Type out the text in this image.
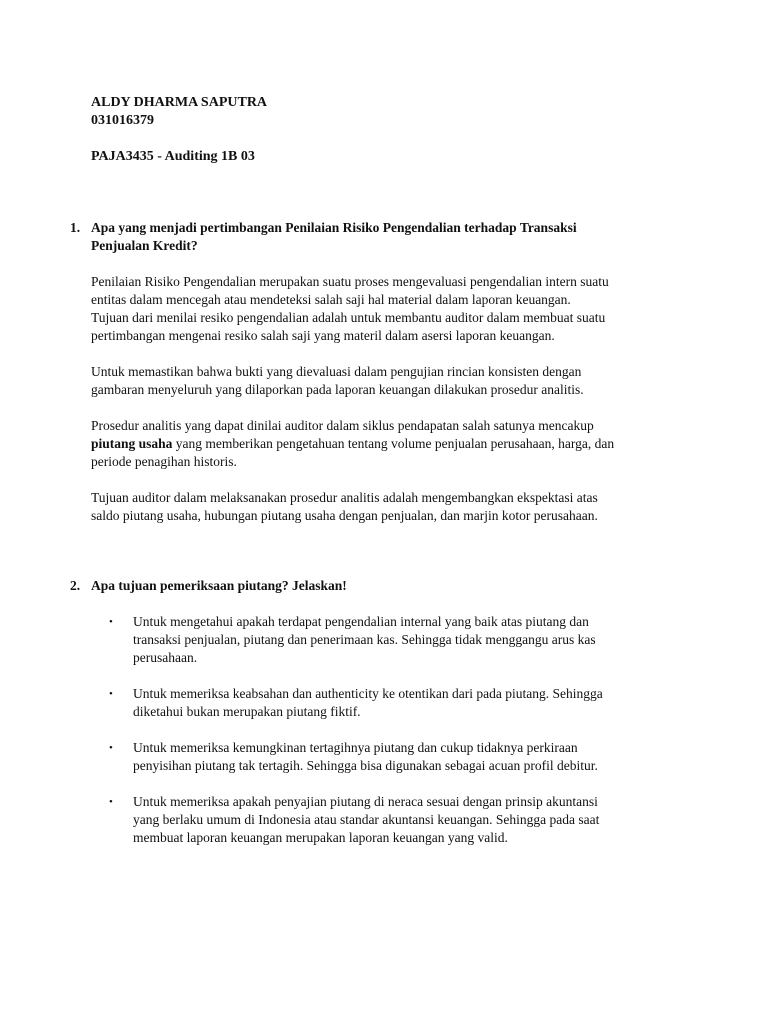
ALDY DHARMA SAPUTRA
031016379
PAJA3435 - Auditing 1B 03
1. Apa yang menjadi pertimbangan Penilaian Risiko Pengendalian terhadap Transaksi
Penjualan Kredit?

Penilaian Risiko Pengendalian merupakan suatu proses mengevaluasi pengendalian intern suatu
entitas dalam mencegah atau mendeteksi salah saji hal material dalam laporan keuangan.
Tujuan dari menilai resiko pengendalian adalah untuk membantu auditor dalam membuat suatu
pertimbangan mengenai resiko salah saji yang materil dalam asersi laporan keuangan.

Untuk memastikan bahwa bukti yang dievaluasi dalam pengujian rincian konsisten dengan
gambaran menyeluruh yang dilaporkan pada laporan keuangan dilakukan prosedur analitis.

Prosedur analitis yang dapat dinilai auditor dalam siklus pendapatan salah satunya mencakup
piutang usaha yang memberikan pengetahuan tentang volume penjualan perusahaan, harga, dan
periode penagihan historis.

Tujuan auditor dalam melaksanakan prosedur analitis adalah mengembangkan ekspektasi atas
saldo piutang usaha, hubungan piutang usaha dengan penjualan, dan marjin kotor perusahaan.

2. Apa tujuan pemeriksaan piutang? Jelaskan!
•	Untuk mengetahui apakah terdapat pengendalian internal yang baik atas piutang dan
transaksi penjualan, piutang dan penerimaan kas. Sehingga tidak menggangu arus kas
perusahaan.
•	Untuk memeriksa keabsahan dan authenticity ke otentikan dari pada piutang. Sehingga
diketahui bukan merupakan piutang fiktif.
•	Untuk memeriksa kemungkinan tertagihnya piutang dan cukup tidaknya perkiraan
penyisihan piutang tak tertagih. Sehingga bisa digunakan sebagai acuan profil debitur.
•	Untuk memeriksa apakah penyajian piutang di neraca sesuai dengan prinsip akuntansi
yang berlaku umum di Indonesia atau standar akuntansi keuangan. Sehingga pada saat
membuat laporan keuangan merupakan laporan keuangan yang valid.
